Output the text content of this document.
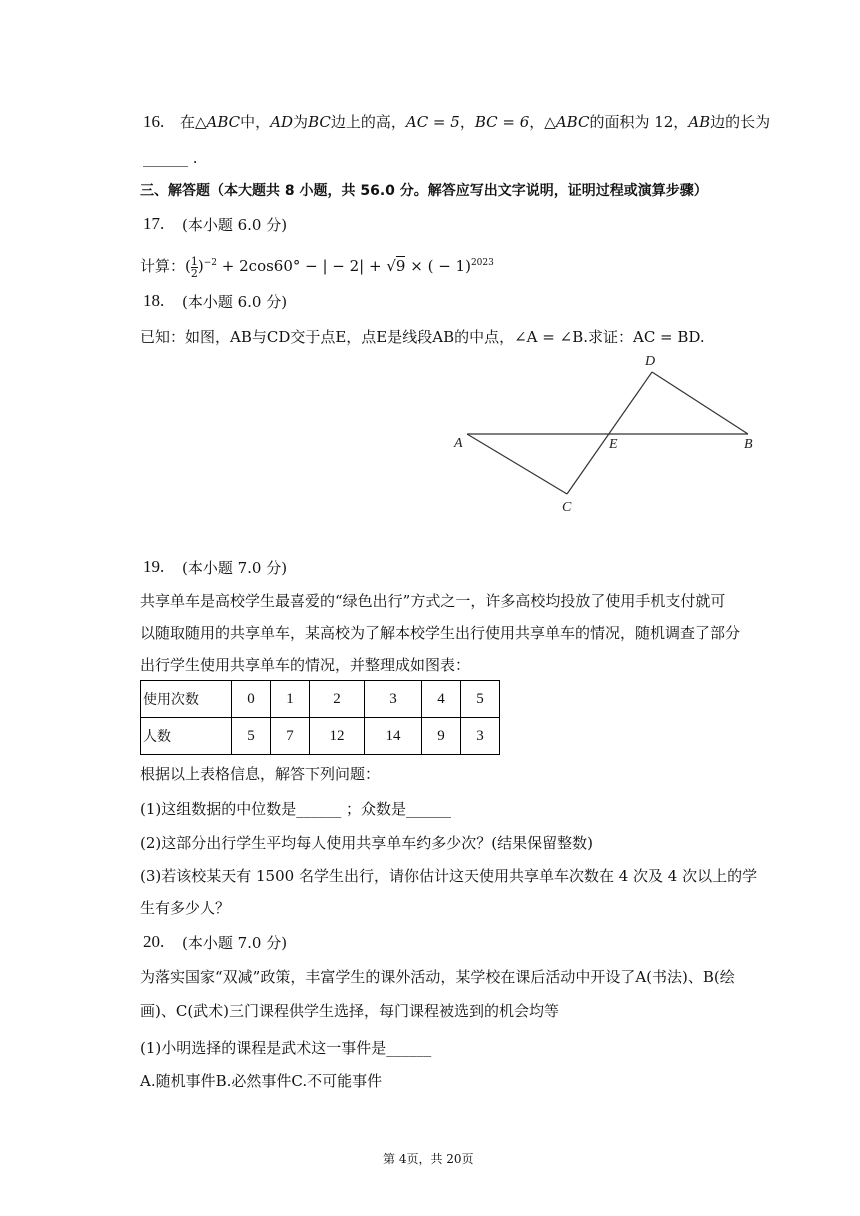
16. 在△ABC中，AD为BC边上的高，AC = 5，BC = 6，△ABC的面积为 12，AB边的长为
______ .
三、解答题（本大题共 8 小题，共 56.0 分。解答应写出文字说明，证明过程或演算步骤）
17. (本小题 6.0 分)
计算：( $\frac{1}{2} )^{-2} + 2\cos 60^\circ$ − | − 2| + √9 × ( − 1)$^{2023}$
18. (本小题 6.0 分)
已知：如图，AB与CD交于点E，点E是线段AB的中点，∠A = ∠B.求证：AC = BD.
A	B
C
D
E
19. (本小题 7.0 分)
共享单车是高校学生最喜爱的“绿色出行”方式之一，许多高校均投放了使用手机支付就可
以随取随用的共享单车，某高校为了解本校学生出行使用共享单车的情况，随机调查了部分
出行学生使用共享单车的情况，并整理成如图表：
使用次数	0	1	2	3	4	5
人数	5	7	12	14	9	3
根据以上表格信息，解答下列问题：
(1)这组数据的中位数是______ ；众数是______
(2)这部分出行学生平均每人使用共享单车约多少次？(结果保留整数)
(3)若该校某天有 1500 名学生出行，请你估计这天使用共享单车次数在 4 次及 4 次以上的学
生有多少人？
20. (本小题 7.0 分)
为落实国家“双减”政策，丰富学生的课外活动，某学校在课后活动中开设了A(书法)、B(绘
画)、C(武术)三门课程供学生选择，每门课程被选到的机会均等
(1)小明选择的课程是武术这一事件是______
A.随机事件B.必然事件C.不可能事件
第 4页，共 20页
